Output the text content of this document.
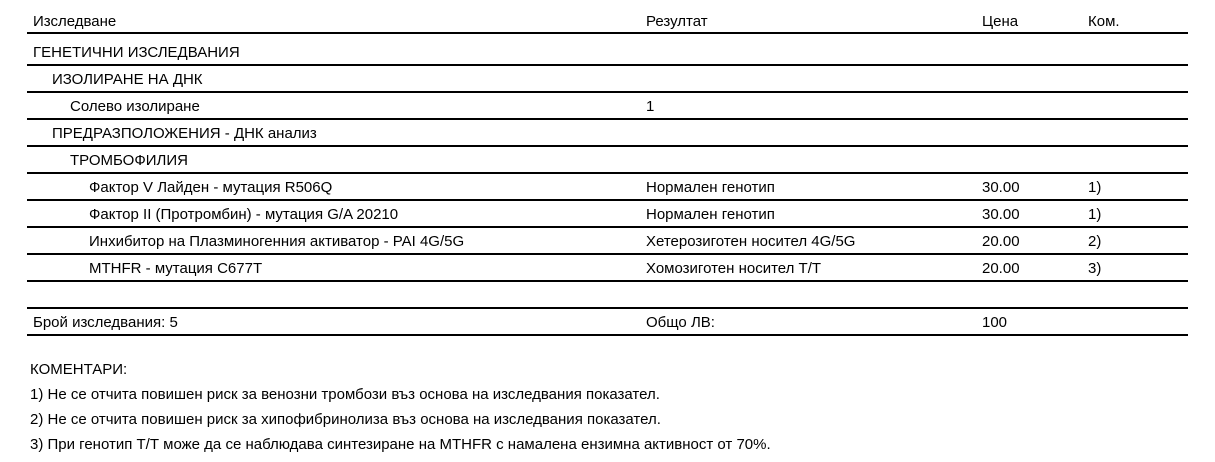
Изследване	Резултат	Цена	Ком.
ГЕНЕТИЧНИ ИЗСЛЕДВАНИЯ			
ИЗОЛИРАНЕ НА ДНК			
Солево изолиране	1		
ПРЕДРАЗПОЛОЖЕНИЯ - ДНК анализ			
ТРОМБОФИЛИЯ			
Фактор V Лайден - мутация R506Q	Нормален генотип	30.00	1)
Фактор II (Протромбин) - мутация G/A 20210	Нормален генотип	30.00	1)
Инхибитор на Плазминогенния активатор - PAI 4G/5G	Хетерозиготен носител 4G/5G	20.00	2)
MTHFR - мутация C677T	Хомозиготен носител T/T	20.00	3)

Брой изследвания: 5	Общо ЛВ:	100	
КОМЕНТАРИ:
1) Не се отчита повишен риск за венозни тромбози въз основа на изследвания показател.
2) Не се отчита повишен риск за хипофибринолиза въз основа на изследвания показател.
3) При генотип Т/Т може да се наблюдава синтезиране на MTHFR с намалена ензимна активност от 70%.
